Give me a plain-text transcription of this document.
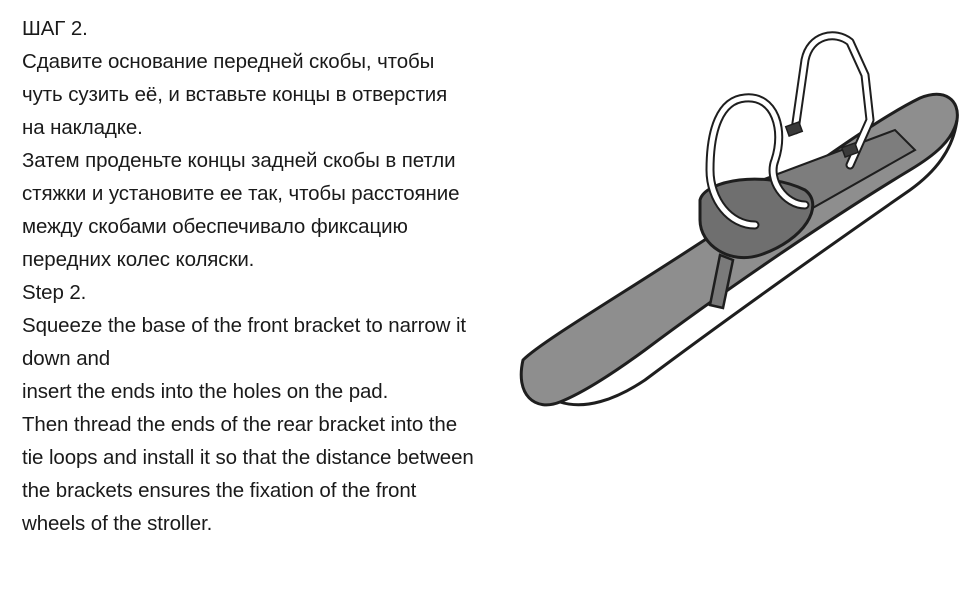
ШАГ 2.
Сдавите основание передней скобы, чтобы
чуть сузить её, и вставьте концы в отверстия
на накладке.
Затем проденьте концы задней скобы в петли
стяжки и установите ее так, чтобы расстояние
между скобами обеспечивало фиксацию
передних колес коляски.
Step 2.
Squeeze the base of the front bracket to narrow it
down and
insert the ends into the holes on the pad.
Then thread the ends of the rear bracket into the
tie loops and install it so that the distance between
the brackets ensures the fixation of the front
wheels of the stroller.
